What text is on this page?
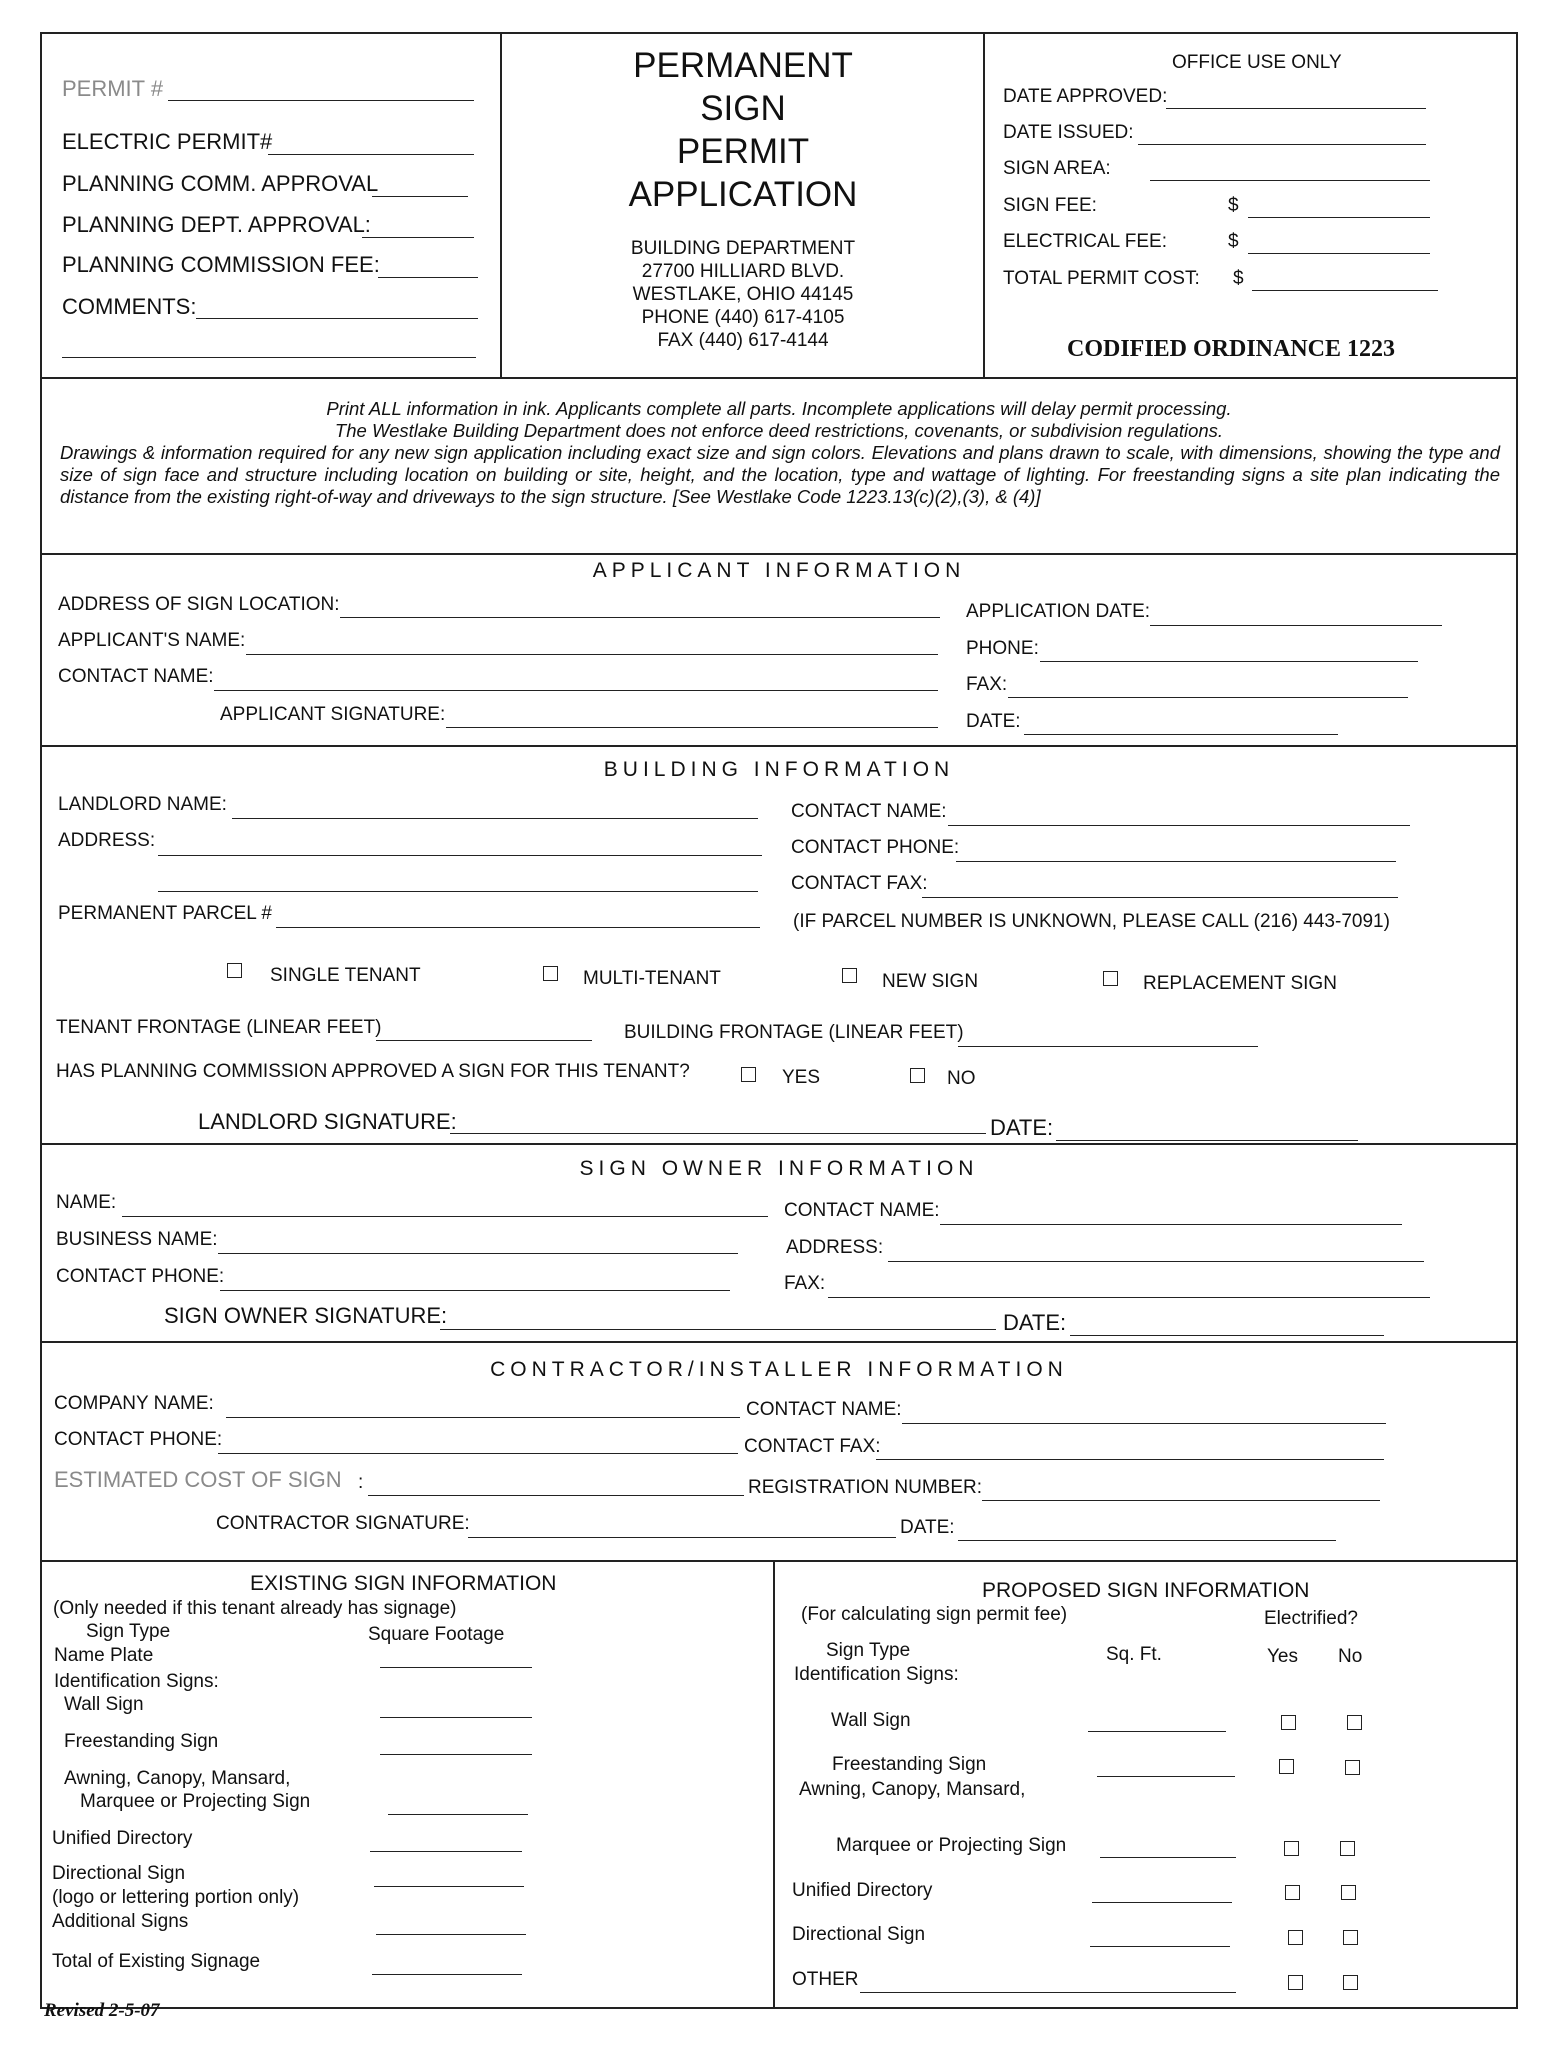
PERMIT #
ELECTRIC PERMIT#
PLANNING COMM. APPROVAL
PLANNING DEPT. APPROVAL:
PLANNING COMMISSION FEE:
COMMENTS:
PERMANENT
SIGN
PERMIT
APPLICATION
BUILDING DEPARTMENT
27700 HILLIARD BLVD.
WESTLAKE, OHIO 44145
PHONE (440) 617-4105
FAX (440) 617-4144
OFFICE USE ONLY
DATE APPROVED:
DATE ISSUED:
SIGN AREA:
SIGN FEE:	$
ELECTRICAL FEE:	$
TOTAL PERMIT COST: $
CODIFIED ORDINANCE 1223
Print ALL information in ink. Applicants complete all parts. Incomplete applications will delay permit processing.
The Westlake Building Department does not enforce deed restrictions, covenants, or subdivision regulations.
Drawings & information required for any new sign application including exact size and sign colors. Elevations and plans drawn to scale, with dimensions, showing the type and size of sign face and structure including location on building or site, height, and the location, type and wattage of lighting. For freestanding signs a site plan indicating the distance from the existing right-of-way and driveways to the sign structure. [See Westlake Code 1223.13(c)(2),(3), & (4)]
APPLICANT INFORMATION
ADDRESS OF SIGN LOCATION:
APPLICANT'S NAME:
CONTACT NAME:
APPLICANT SIGNATURE:
APPLICATION DATE:
PHONE:
FAX:
DATE:
BUILDING INFORMATION
LANDLORD NAME:
ADDRESS:
PERMANENT PARCEL #
CONTACT NAME:
CONTACT PHONE:
CONTACT FAX:
(IF PARCEL NUMBER IS UNKNOWN, PLEASE CALL (216) 443-7091)
SINGLE TENANT	MULTI-TENANT	NEW SIGN	REPLACEMENT SIGN
TENANT FRONTAGE (LINEAR FEET)	BUILDING FRONTAGE (LINEAR FEET)
HAS PLANNING COMMISSION APPROVED A SIGN FOR THIS TENANT?	YES	NO
LANDLORD SIGNATURE:	DATE:
SIGN OWNER INFORMATION
NAME:
BUSINESS NAME:
CONTACT PHONE:
SIGN OWNER SIGNATURE:	DATE:
CONTACT NAME:
ADDRESS:
FAX:
CONTRACTOR/INSTALLER INFORMATION
COMPANY NAME:
CONTACT PHONE:
ESTIMATED COST OF SIGN :
CONTRACTOR SIGNATURE:
CONTACT NAME:
CONTACT FAX:
REGISTRATION NUMBER:
DATE:
EXISTING SIGN INFORMATION
(Only needed if this tenant already has signage)
Sign Type	Square Footage
Name Plate
Identification Signs:
Wall Sign
Freestanding Sign
Awning, Canopy, Mansard,
Marquee or Projecting Sign
Unified Directory
Directional Sign
(logo or lettering portion only)
Additional Signs
Total of Existing Signage
PROPOSED SIGN INFORMATION
(For calculating sign permit fee)	Electrified?
Sign Type	Sq. Ft.	Yes No
Identification Signs:
Wall Sign
Freestanding Sign
Awning, Canopy, Mansard,
Marquee or Projecting Sign
Unified Directory
Directional Sign
OTHER
Revised 2-5-07
